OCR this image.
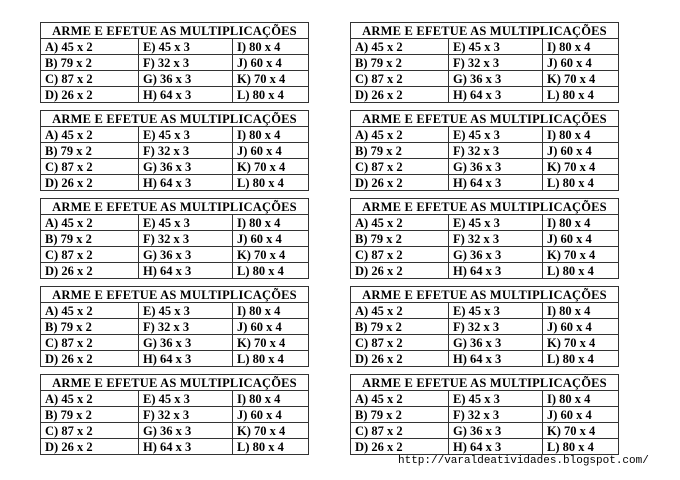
ARME E EFETUE AS MULTIPLICAÇÕES		
A) 45 x 2	E) 45 x 3	I) 80 x 4
B) 79 x 2	F) 32 x 3	J) 60 x 4
C) 87 x 2	G) 36 x 3	K) 70 x 4
D) 26 x 2	H) 64 x 3	L) 80 x 4
ARME E EFETUE AS MULTIPLICAÇÕES		
A) 45 x 2	E) 45 x 3	I) 80 x 4
B) 79 x 2	F) 32 x 3	J) 60 x 4
C) 87 x 2	G) 36 x 3	K) 70 x 4
D) 26 x 2	H) 64 x 3	L) 80 x 4
ARME E EFETUE AS MULTIPLICAÇÕES		
A) 45 x 2	E) 45 x 3	I) 80 x 4
B) 79 x 2	F) 32 x 3	J) 60 x 4
C) 87 x 2	G) 36 x 3	K) 70 x 4
D) 26 x 2	H) 64 x 3	L) 80 x 4
ARME E EFETUE AS MULTIPLICAÇÕES		
A) 45 x 2	E) 45 x 3	I) 80 x 4
B) 79 x 2	F) 32 x 3	J) 60 x 4
C) 87 x 2	G) 36 x 3	K) 70 x 4
D) 26 x 2	H) 64 x 3	L) 80 x 4
ARME E EFETUE AS MULTIPLICAÇÕES		
A) 45 x 2	E) 45 x 3	I) 80 x 4
B) 79 x 2	F) 32 x 3	J) 60 x 4
C) 87 x 2	G) 36 x 3	K) 70 x 4
D) 26 x 2	H) 64 x 3	L) 80 x 4
ARME E EFETUE AS MULTIPLICAÇÕES		
A) 45 x 2	E) 45 x 3	I) 80 x 4
B) 79 x 2	F) 32 x 3	J) 60 x 4
C) 87 x 2	G) 36 x 3	K) 70 x 4
D) 26 x 2	H) 64 x 3	L) 80 x 4
ARME E EFETUE AS MULTIPLICAÇÕES		
A) 45 x 2	E) 45 x 3	I) 80 x 4
B) 79 x 2	F) 32 x 3	J) 60 x 4
C) 87 x 2	G) 36 x 3	K) 70 x 4
D) 26 x 2	H) 64 x 3	L) 80 x 4
ARME E EFETUE AS MULTIPLICAÇÕES		
A) 45 x 2	E) 45 x 3	I) 80 x 4
B) 79 x 2	F) 32 x 3	J) 60 x 4
C) 87 x 2	G) 36 x 3	K) 70 x 4
D) 26 x 2	H) 64 x 3	L) 80 x 4
ARME E EFETUE AS MULTIPLICAÇÕES		
A) 45 x 2	E) 45 x 3	I) 80 x 4
B) 79 x 2	F) 32 x 3	J) 60 x 4
C) 87 x 2	G) 36 x 3	K) 70 x 4
D) 26 x 2	H) 64 x 3	L) 80 x 4
ARME E EFETUE AS MULTIPLICAÇÕES		
A) 45 x 2	E) 45 x 3	I) 80 x 4
B) 79 x 2	F) 32 x 3	J) 60 x 4
C) 87 x 2	G) 36 x 3	K) 70 x 4
D) 26 x 2	H) 64 x 3	L) 80 x 4
http://varaldeatividades.blogspot.com/
